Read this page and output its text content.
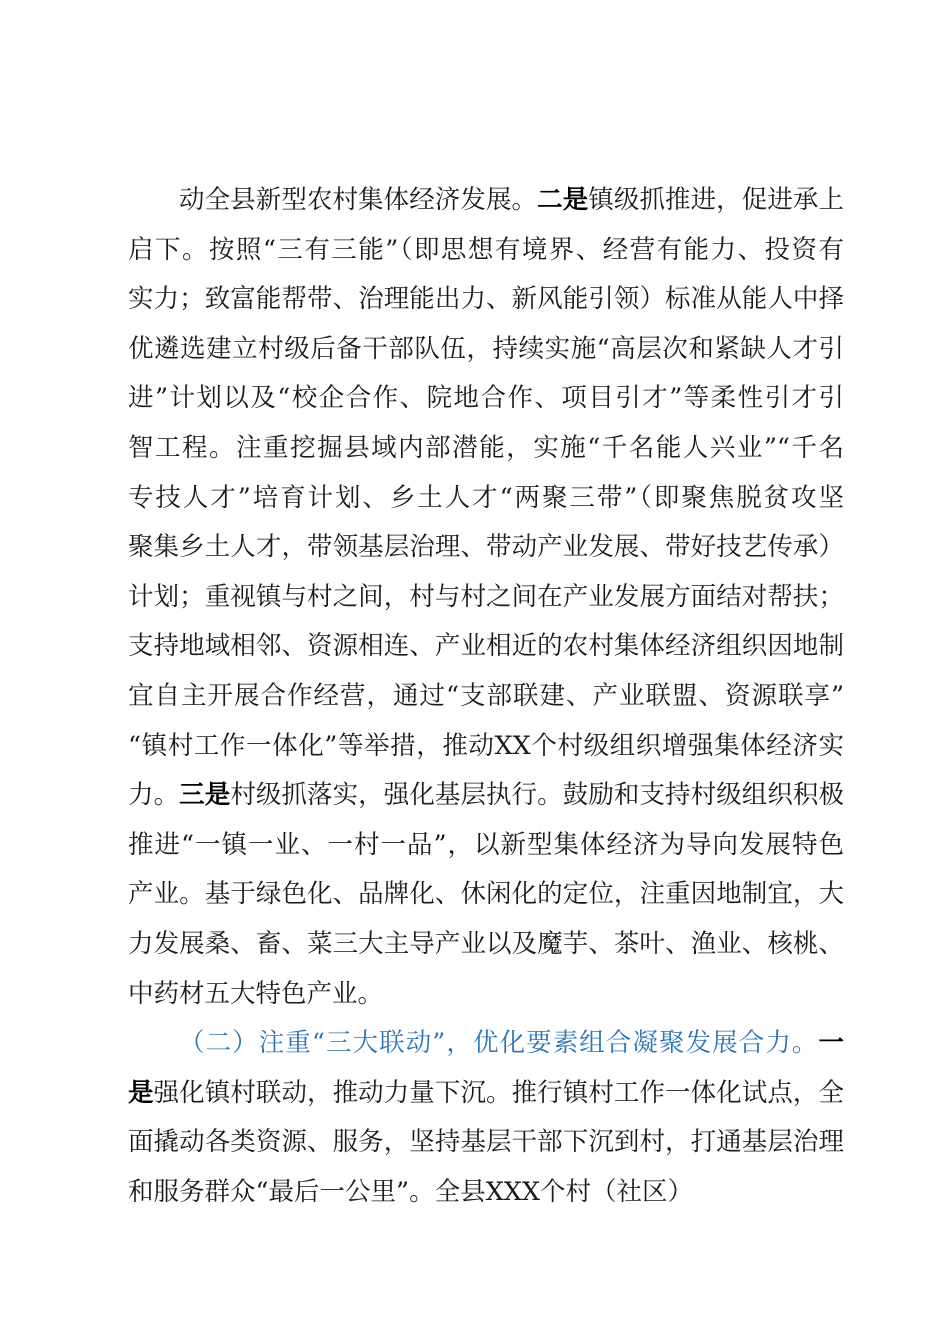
动全县新型农村集体经济发展。二是镇级抓推进，促进承上
启下。按照“三有三能”（即思想有境界、经营有能力、投资有
实力；致富能帮带、治理能出力、新风能引领）标准从能人中择
优遴选建立村级后备干部队伍，持续实施“高层次和紧缺人才引
进”计划以及“校企合作、院地合作、项目引才”等柔性引才引
智工程。注重挖掘县域内部潜能，实施“千名能人兴业”“千名
专技人才”培育计划、乡土人才“两聚三带”（即聚焦脱贫攻坚
聚集乡土人才，带领基层治理、带动产业发展、带好技艺传承）
计划；重视镇与村之间，村与村之间在产业发展方面结对帮扶；
支持地域相邻、资源相连、产业相近的农村集体经济组织因地制
宜自主开展合作经营，通过“支部联建、产业联盟、资源联享”
“镇村工作一体化”等举措，推动XX个村级组织增强集体经济实
力。三是村级抓落实，强化基层执行。鼓励和支持村级组织积极
推进“一镇一业、一村一品”，以新型集体经济为导向发展特色
产业。基于绿色化、品牌化、休闲化的定位，注重因地制宜，大
力发展桑、畜、菜三大主导产业以及魔芋、茶叶、渔业、核桃、
中药材五大特色产业。
（二）注重“三大联动”，优化要素组合凝聚发展合力。一
是强化镇村联动，推动力量下沉。推行镇村工作一体化试点，全
面撬动各类资源、服务，坚持基层干部下沉到村，打通基层治理
和服务群众“最后一公里”。全县XXX个村（社区）
